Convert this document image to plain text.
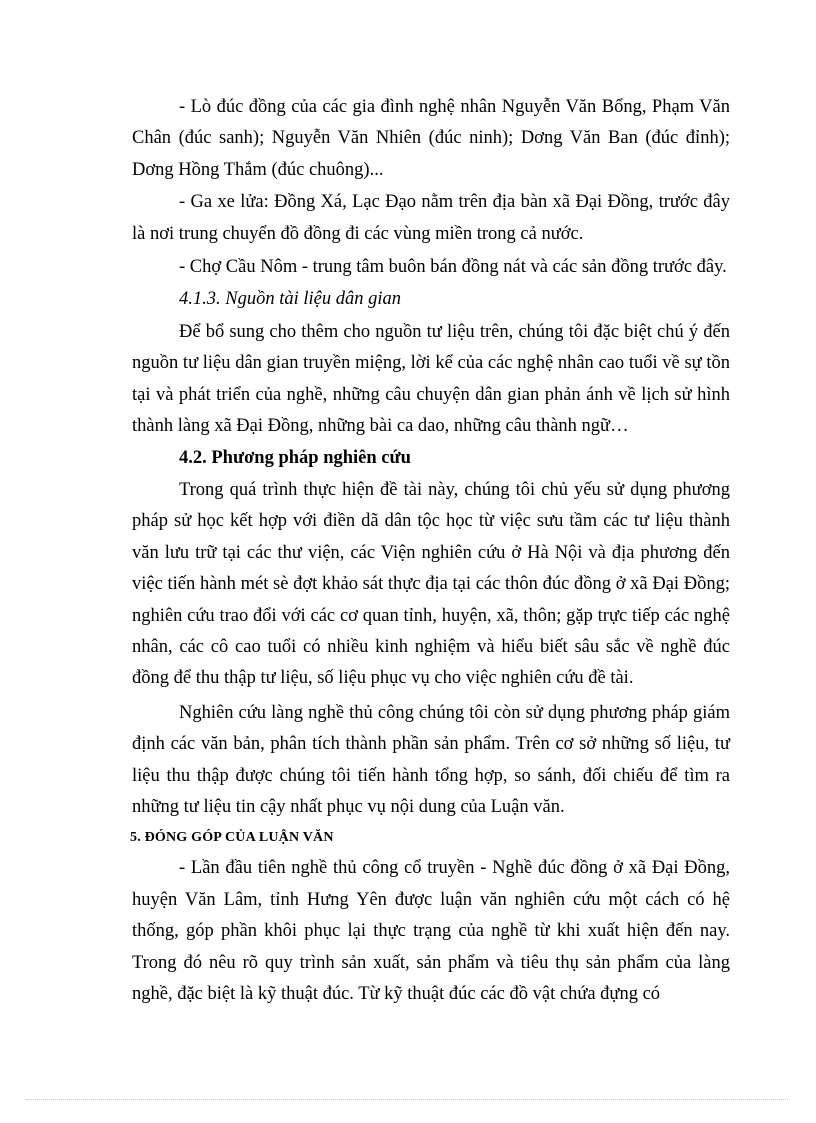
- Lò đúc đồng của các gia đình nghệ nhân Nguyễn Văn Bổng, Phạm Văn Chân (đúc sanh); Nguyễn Văn Nhiên (đúc ninh); Dơng Văn Ban (đúc đỉnh); Dơng Hồng Thắm (đúc chuông)...

- Ga xe lửa: Đồng Xá, Lạc Đạo nằm trên địa bàn xã Đại Đồng, trước đây là nơi trung chuyển đồ đồng đi các vùng miền trong cả nước.

- Chợ Cầu Nôm - trung tâm buôn bán đồng nát và các sản đồng trước đây.

4.1.3. Nguồn tài liệu dân gian

Để bổ sung cho thêm cho nguồn tư liệu trên, chúng tôi đặc biệt chú ý đến nguồn tư liệu dân gian truyền miệng, lời kể của các nghệ nhân cao tuổi về sự tồn tại và phát triển của nghề, những câu chuyện dân gian phản ánh về lịch sử hình thành làng xã Đại Đồng, những bài ca dao, những câu thành ngữ…

4.2. Phương pháp nghiên cứu

Trong quá trình thực hiện đề tài này, chúng tôi chủ yếu sử dụng phương pháp sử học kết hợp với điền dã dân tộc học từ việc sưu tầm các tư liệu thành văn lưu trữ tại các thư viện, các Viện nghiên cứu ở Hà Nội và địa phương đến việc tiến hành mét sè đợt khảo sát thực địa tại các thôn đúc đồng ở xã Đại Đồng; nghiên cứu trao đổi với các cơ quan tỉnh, huyện, xã, thôn; gặp trực tiếp các nghệ nhân, các cô cao tuổi có nhiều kinh nghiệm và hiểu biết sâu sắc về nghề đúc đồng để thu thập tư liệu, số liệu phục vụ cho việc nghiên cứu đề tài.

Nghiên cứu làng nghề thủ công chúng tôi còn sử dụng phương pháp giám định các văn bản, phân tích thành phần sản phẩm. Trên cơ sở những số liệu, tư liệu thu thập được chúng tôi tiến hành tổng hợp, so sánh, đối chiếu để tìm ra những tư liệu tin cậy nhất phục vụ nội dung của Luận văn.

5. ĐÓNG GÓP CỦA LUẬN VĂN

- Lần đầu tiên nghề thủ công cổ truyền - Nghề đúc đồng ở xã Đại Đồng, huyện Văn Lâm, tỉnh Hưng Yên được luận văn nghiên cứu một cách có hệ thống, góp phần khôi phục lại thực trạng của nghề từ khi xuất hiện đến nay. Trong đó nêu rõ quy trình sản xuất, sản phẩm và tiêu thụ sản phẩm của làng nghề, đặc biệt là kỹ thuật đúc. Từ kỹ thuật đúc các đồ vật chứa đựng có
